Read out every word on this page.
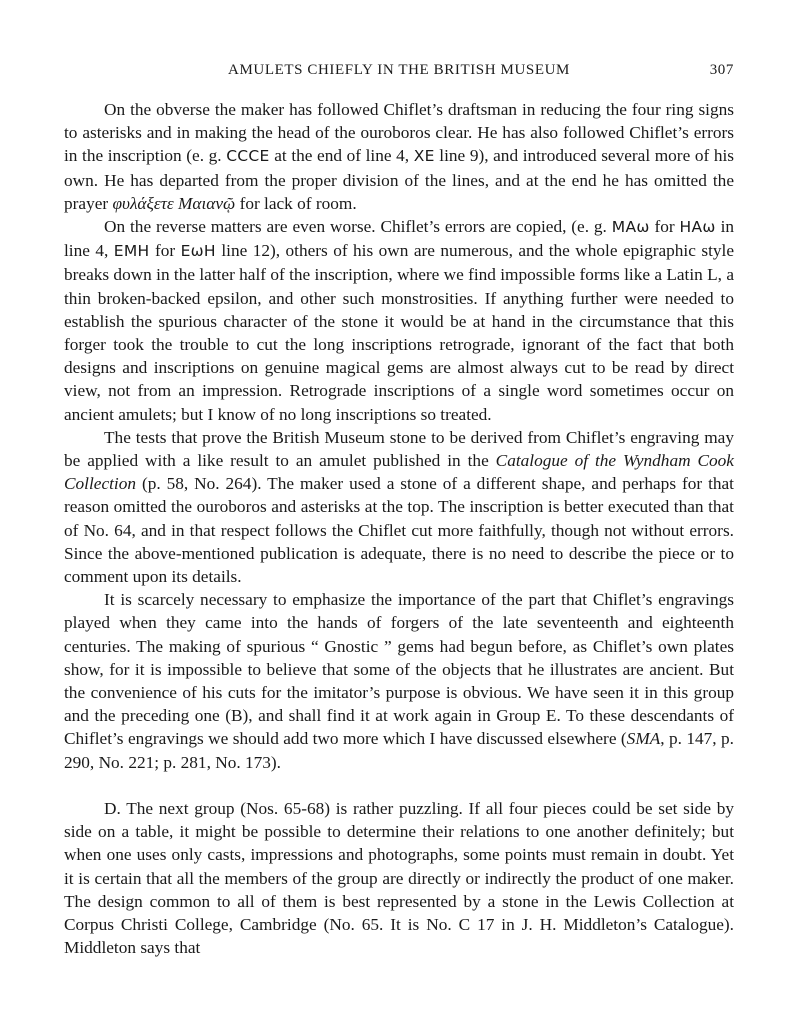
AMULETS CHIEFLY IN THE BRITISH MUSEUM	307

On the obverse the maker has followed Chiflet’s draftsman in reducing the four ring signs to asterisks and in making the head of the ouroboros clear. He has also followed Chiflet’s errors in the inscription (e. g. CCCE at the end of line 4, XE line 9), and introduced several more of his own. He has departed from the proper division of the lines, and at the end he has omitted the prayer φυλάξετε Μαιανῷ for lack of room.

On the reverse matters are even worse. Chiflet’s errors are copied, (e. g. MAω for HAω in line 4, EMH for EωH line 12), others of his own are numerous, and the whole epigraphic style breaks down in the latter half of the inscription, where we find impossible forms like a Latin L, a thin broken-backed epsilon, and other such monstrosities. If anything further were needed to establish the spurious character of the stone it would be at hand in the circumstance that this forger took the trouble to cut the long inscriptions retrograde, ignorant of the fact that both designs and inscriptions on genuine magical gems are almost always cut to be read by direct view, not from an impression. Retrograde inscriptions of a single word sometimes occur on ancient amulets; but I know of no long inscriptions so treated.

The tests that prove the British Museum stone to be derived from Chiflet’s engraving may be applied with a like result to an amulet published in the Catalogue of the Wyndham Cook Collection (p. 58, No. 264). The maker used a stone of a different shape, and perhaps for that reason omitted the ouroboros and asterisks at the top. The inscription is better executed than that of No. 64, and in that respect follows the Chiflet cut more faithfully, though not without errors. Since the above-mentioned publication is adequate, there is no need to describe the piece or to comment upon its details.

It is scarcely necessary to emphasize the importance of the part that Chiflet’s engravings played when they came into the hands of forgers of the late seventeenth and eighteenth centuries. The making of spurious “ Gnostic ” gems had begun before, as Chiflet’s own plates show, for it is impossible to believe that some of the objects that he illustrates are ancient. But the convenience of his cuts for the imitator’s purpose is obvious. We have seen it in this group and the preceding one (B), and shall find it at work again in Group E. To these descendants of Chiflet’s engravings we should add two more which I have discussed elsewhere (SMA, p. 147, p. 290, No. 221; p. 281, No. 173).

D. The next group (Nos. 65-68) is rather puzzling. If all four pieces could be set side by side on a table, it might be possible to determine their relations to one another definitely; but when one uses only casts, impressions and photographs, some points must remain in doubt. Yet it is certain that all the members of the group are directly or indirectly the product of one maker. The design common to all of them is best represented by a stone in the Lewis Collection at Corpus Christi College, Cambridge (No. 65. It is No. C 17 in J. H. Middleton’s Catalogue). Middleton says that
